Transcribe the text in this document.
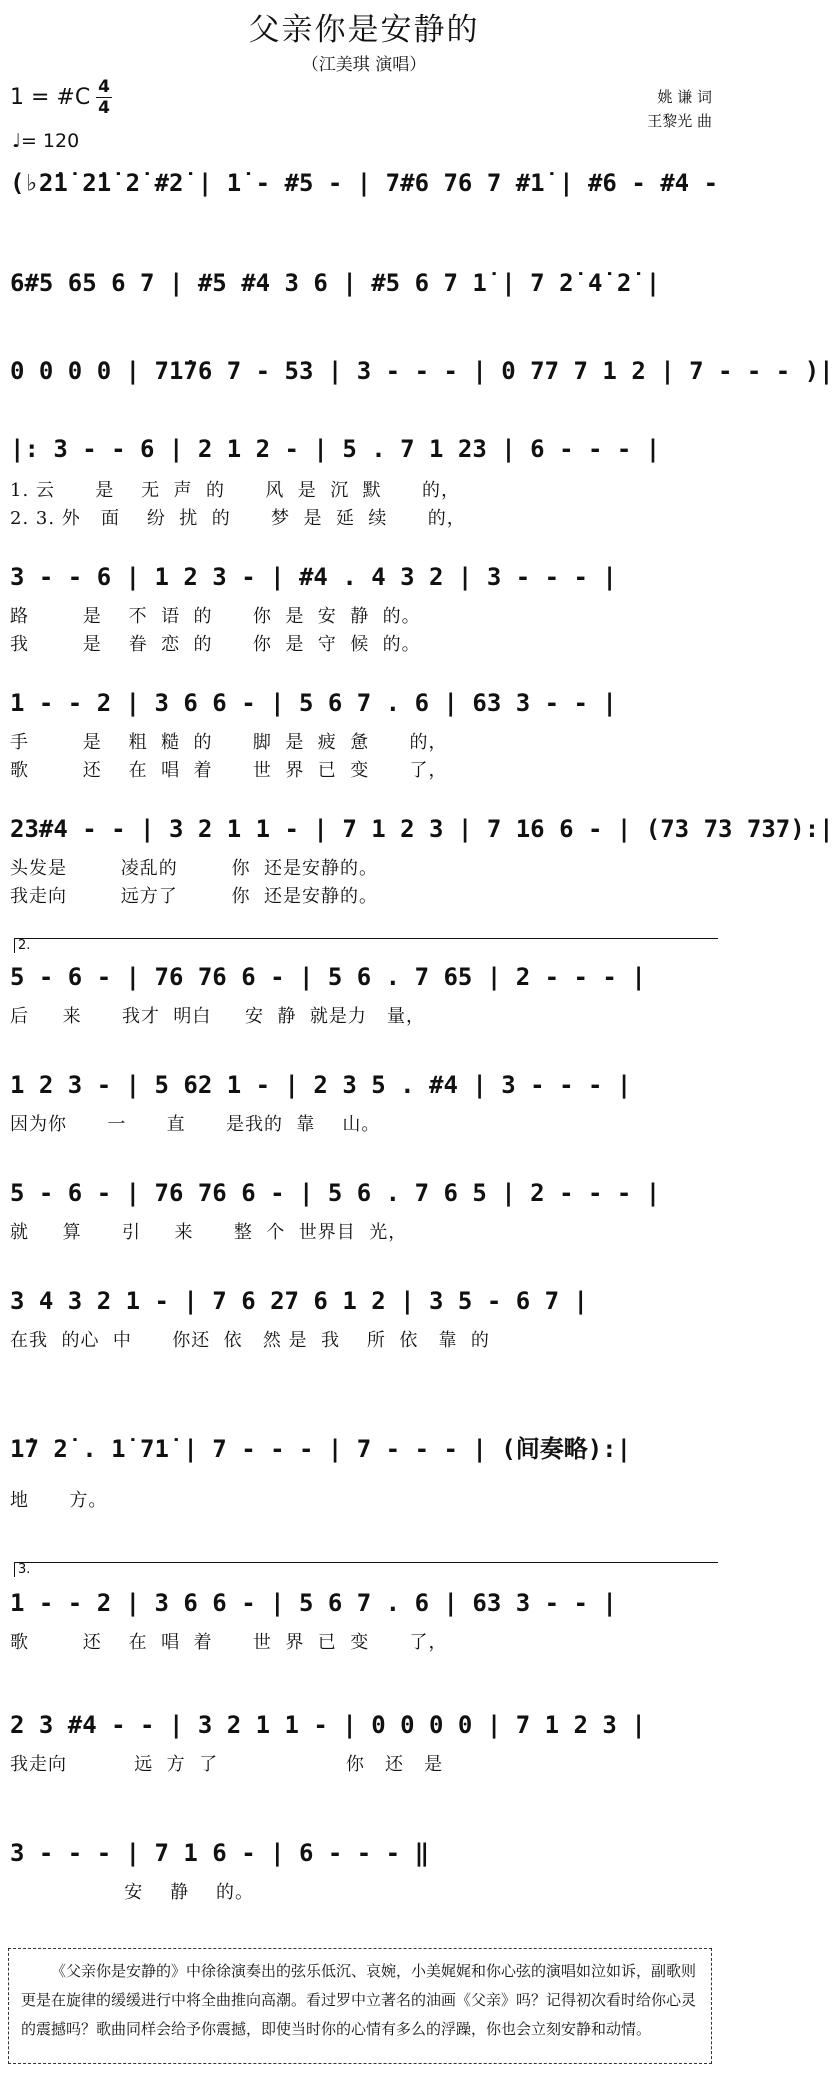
父亲你是安静的
（江美琪 演唱）
1 = #C 4
4
♩= 120
姚 谦 词
王黎光 曲
(♭2̇1̇ 2̇1̇ 2̇ #2̇ | 1̇ - #5 - | 7#6 76 7 #1̇ | #6 - #4 -
6#5 65 6 7 | #5 #4 3 6 | #5 6 7 1̇ | 7 2̇ 4̇ 2̇ |
0 0 0 0 | 71̇76 7 - 53 | 3 - - - | 0 77 7 1 2 | 7 - - - )|
|: 3 - - 6 | 2 1 2 - | 5 . 7 1 23 | 6 - - - |
1. 云      是    无  声  的      风  是  沉  默      的，
2. 3. 外   面    纷  扰  的      梦  是  延  续      的，
3 - - 6 | 1 2 3 - | #4 . 4 3 2 | 3 - - - |
路        是    不  语  的      你  是  安  静  的。
我        是    眷  恋  的      你  是  守  候  的。
1 - - 2 | 3 6 6 - | 5 6 7 . 6 | 63 3 - - |
手        是    粗  糙  的      脚  是  疲  惫      的，
歌        还    在  唱  着      世  界  已  变      了，
23#4 - - | 3 2 1 1 - | 7 1 2 3 | 7 16 6 - | (73 73 737):|
头发是        凌乱的        你  还是安静的。
我走向        远方了        你  还是安静的。
2.
5 - 6 - | 76 76 6 - | 5 6 . 7 65 | 2 - - - |
后     来      我才  明白     安  静  就是力   量，
1 2 3 - | 5 62 1 - | 2 3 5 . #4 | 3 - - - |
因为你      一      直      是我的  靠    山。
5 - 6 - | 76 76 6 - | 5 6 . 7 6 5 | 2 - - - |
就     算      引     来      整  个  世界目  光，
3 4 3 2 1 - | 7 6 27 6 1 2 | 3 5 - 6 7 |
在我  的心  中      你还  依   然 是  我    所  依   靠  的
1̇7 2̇ . 1̇ 71̇ | 7 - - - | 7 - - - | (间奏略):|
地      方。
3.
1 - - 2 | 3 6 6 - | 5 6 7 . 6 | 63 3 - - |
歌        还    在  唱  着      世  界  已  变      了，
2 3 #4 - - | 3 2 1 1 - | 0 0 0 0 | 7 1 2 3 |
我走向          远  方  了                   你   还   是
3 - - - | 7 1 6 - | 6 - - - ‖
安    静    的。
《父亲你是安静的》中徐徐演奏出的弦乐低沉、哀婉，小美娓娓和你心弦的演唱如泣如诉，副歌则更是在旋律的缓缓进行中将全曲推向高潮。看过罗中立著名的油画《父亲》吗？记得初次看时给你心灵的震撼吗？歌曲同样会给予你震撼，即使当时你的心情有多么的浮躁，你也会立刻安静和动情。
